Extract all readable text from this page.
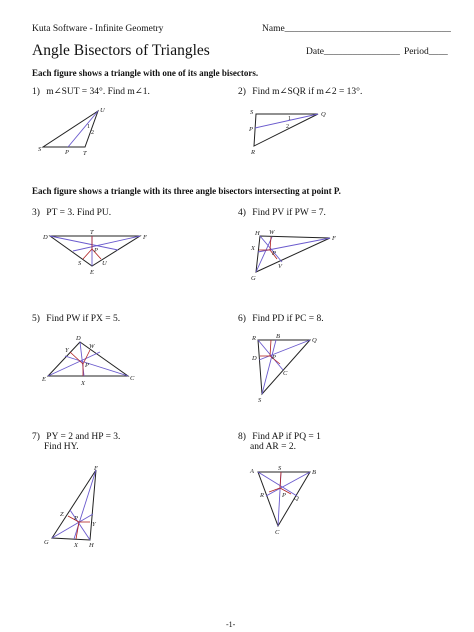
Kuta Software - Infinite Geometry	Name___________________________________
Angle Bisectors of Triangles	Date________________ Period____
Each figure shows a triangle with one of its angle bisectors.
1) m∠SUT = 34°. Find m∠1.	2) Find m∠SQR if m∠2 = 13°.
U
S	P T
1
2
S	Q
P
R
1
2
Each figure shows a triangle with its three angle bisectors intersecting at point P.
3) PT = 3. Find PU.	4) Find PV if PW = 7.
D
T
F
P
S	U
E
H W
F
X
P
V
G
5) Find PW if PX = 5.	6) Find PD if PC = 8.
D
W
Y
P
E
X
C
R	B
Q
D P
C
S
7) PY = 2 and HP = 3.
Find HY.
8) Find AP if PQ = 1
and AR = 2.
F
Z
P
Y
G	X H
A	S
B
R	P Q
C
-1-
